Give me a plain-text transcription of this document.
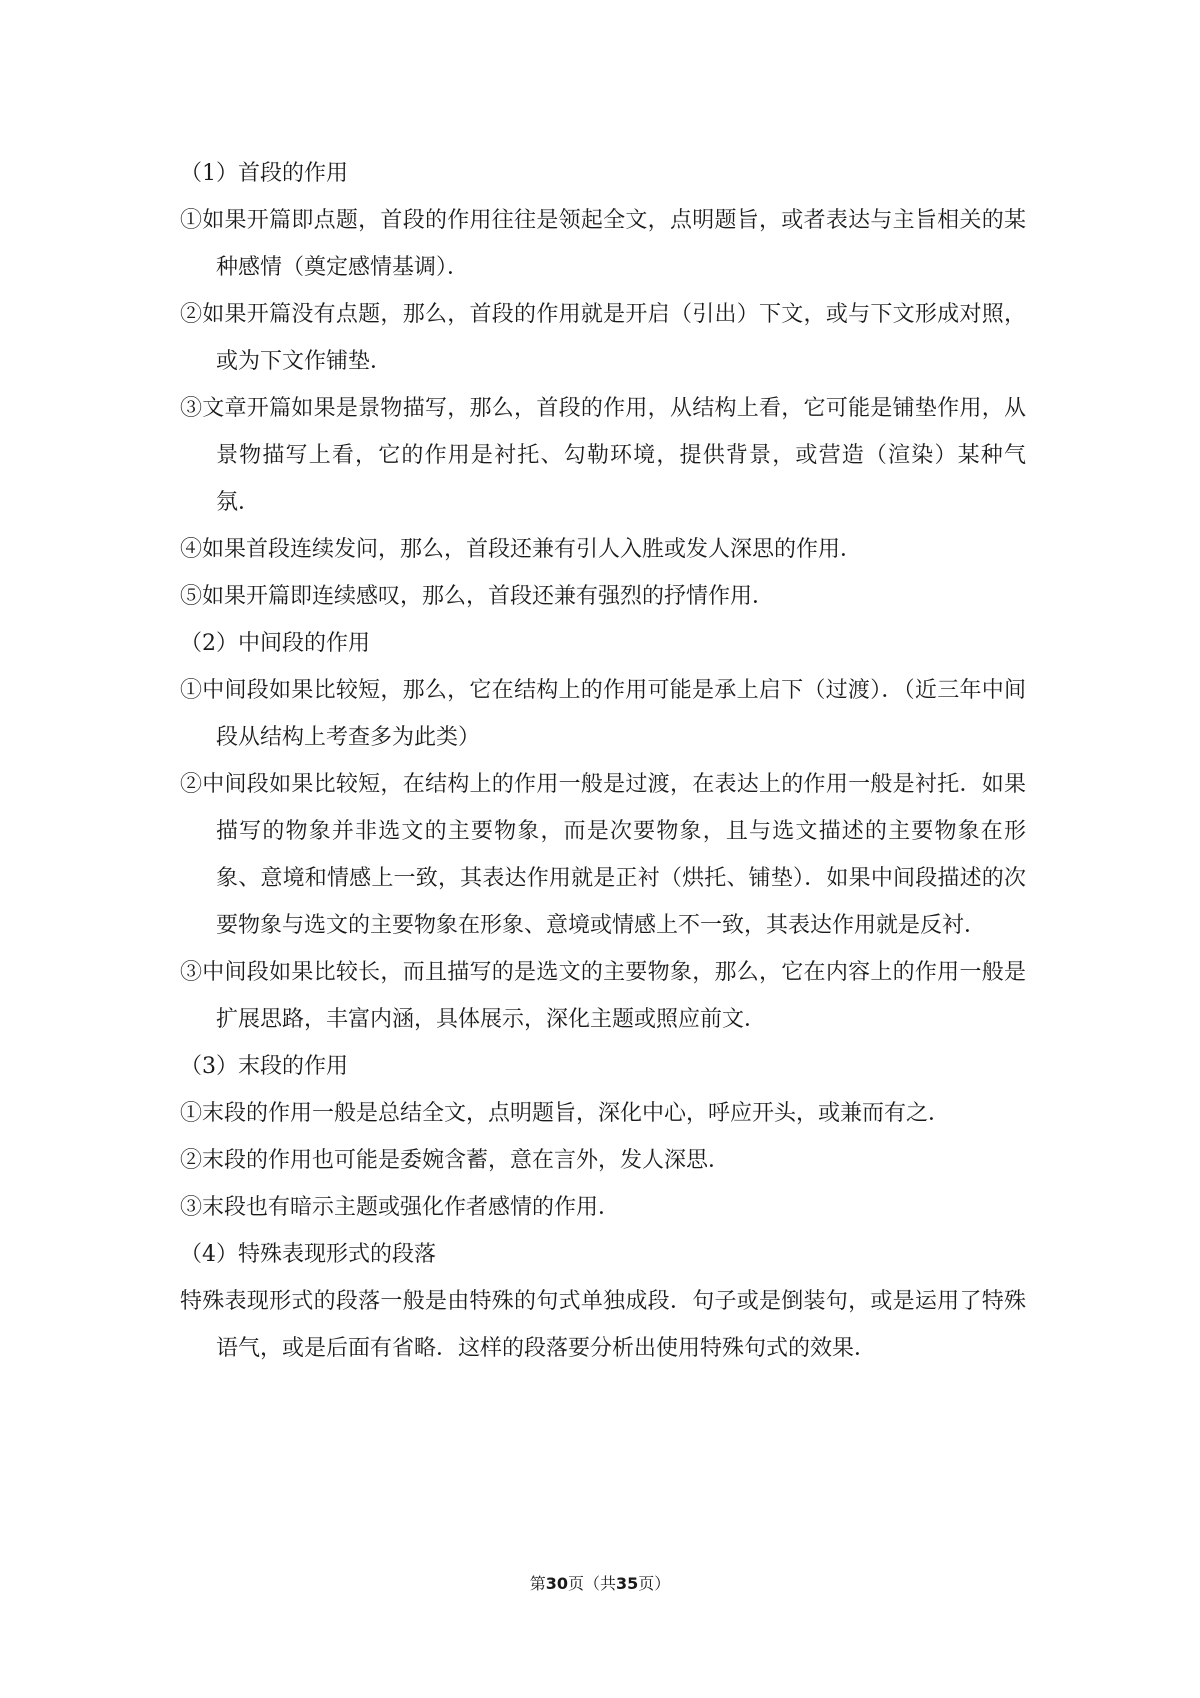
（1）首段的作用

①如果开篇即点题，首段的作用往往是领起全文，点明题旨，或者表达与主旨相关的某种感情（奠定感情基调）．

②如果开篇没有点题，那么，首段的作用就是开启（引出）下文，或与下文形成对照，或为下文作铺垫．

③文章开篇如果是景物描写，那么，首段的作用，从结构上看，它可能是铺垫作用，从景物描写上看，它的作用是衬托、勾勒环境，提供背景，或营造（渲染）某种气氛．

④如果首段连续发问，那么，首段还兼有引人入胜或发人深思的作用．

⑤如果开篇即连续感叹，那么，首段还兼有强烈的抒情作用．

（2）中间段的作用

①中间段如果比较短，那么，它在结构上的作用可能是承上启下（过渡）．（近三年中间段从结构上考查多为此类）

②中间段如果比较短，在结构上的作用一般是过渡，在表达上的作用一般是衬托．如果描写的物象并非选文的主要物象，而是次要物象，且与选文描述的主要物象在形象、意境和情感上一致，其表达作用就是正衬（烘托、铺垫）．如果中间段描述的次要物象与选文的主要物象在形象、意境或情感上不一致，其表达作用就是反衬．

③中间段如果比较长，而且描写的是选文的主要物象，那么，它在内容上的作用一般是扩展思路，丰富内涵，具体展示，深化主题或照应前文．

（3）末段的作用

①末段的作用一般是总结全文，点明题旨，深化中心，呼应开头，或兼而有之．

②末段的作用也可能是委婉含蓄，意在言外，发人深思．

③末段也有暗示主题或强化作者感情的作用．

（4）特殊表现形式的段落

特殊表现形式的段落一般是由特殊的句式单独成段．句子或是倒装句，或是运用了特殊语气，或是后面有省略．这样的段落要分析出使用特殊句式的效果．

第30页（共35页）
